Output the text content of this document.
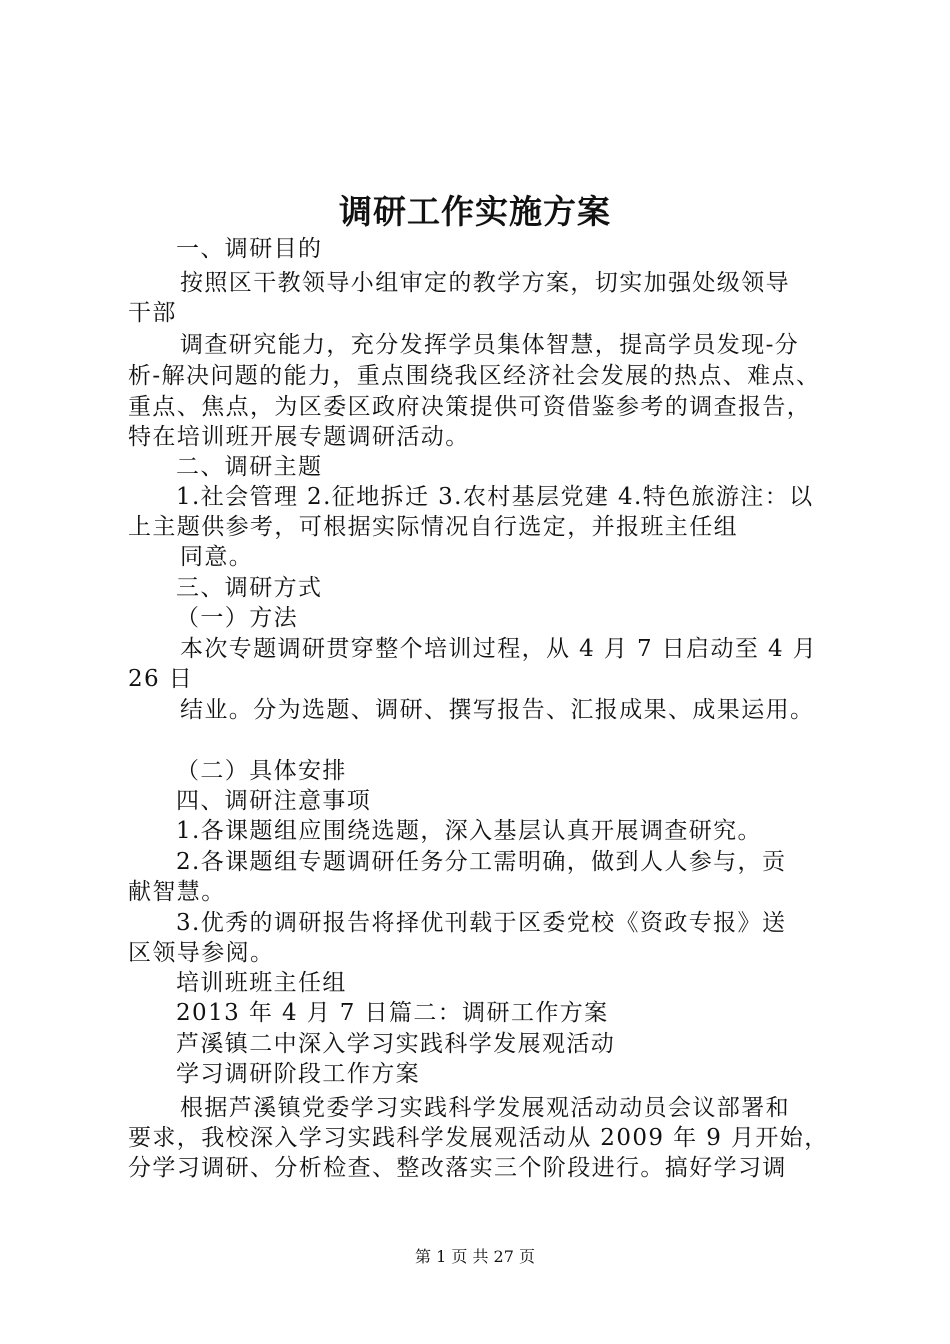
调研工作实施方案
一、调研目的
按照区干教领导小组审定的教学方案，切实加强处级领导
干部
调查研究能力，充分发挥学员集体智慧，提高学员发现-分
析-解决问题的能力，重点围绕我区经济社会发展的热点、难点、
重点、焦点，为区委区政府决策提供可资借鉴参考的调查报告，
特在培训班开展专题调研活动。
二、调研主题
1.社会管理 2.征地拆迁 3.农村基层党建 4.特色旅游注：以
上主题供参考，可根据实际情况自行选定，并报班主任组
同意。
三、调研方式
（一）方法
本次专题调研贯穿整个培训过程，从 4 月 7 日启动至 4 月
26 日
结业。分为选题、调研、撰写报告、汇报成果、成果运用。
（二）具体安排
四、调研注意事项
1.各课题组应围绕选题，深入基层认真开展调查研究。
2.各课题组专题调研任务分工需明确，做到人人参与，贡
献智慧。
3.优秀的调研报告将择优刊载于区委党校《资政专报》送
区领导参阅。
培训班班主任组
2013 年 4 月 7 日篇二：调研工作方案
芦溪镇二中深入学习实践科学发展观活动
学习调研阶段工作方案
根据芦溪镇党委学习实践科学发展观活动动员会议部署和
要求，我校深入学习实践科学发展观活动从 2009 年 9 月开始，
分学习调研、分析检查、整改落实三个阶段进行。搞好学习调
第 1 页 共 27 页
